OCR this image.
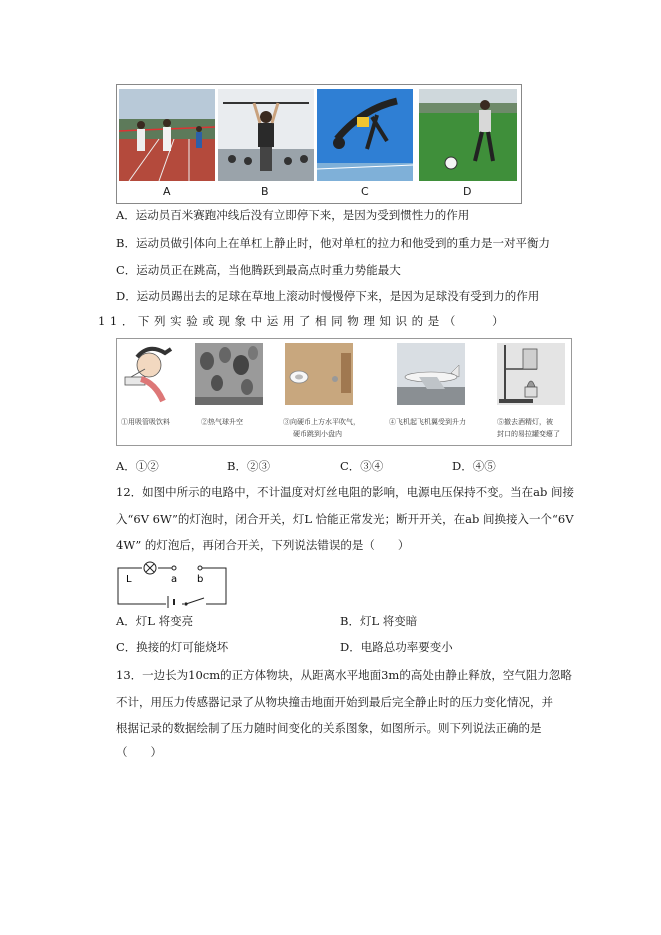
A	B	C	D
A．运动员百米赛跑冲线后没有立即停下来，是因为受到惯性力的作用
B．运动员做引体向上在单杠上静止时，他对单杠的拉力和他受到的重力是一对平衡力
C．运动员正在跳高，当他腾跃到最高点时重力势能最大
D．运动员踢出去的足球在草地上滚动时慢慢停下来，是因为足球没有受到力的作用
11．下列实验或现象中运用了相同物理知识的是（　　）
①用吸管吸饮料	②热气球升空	③向硬币上方水平吹气，
硬币跳到小盘内
④飞机起飞机翼受到升力	⑤撤去酒精灯，被
封口的易拉罐变瘪了
A．①②	B．②③	C．③④	D．④⑤
12．如图中所示的电路中，不计温度对灯丝电阻的影响，电源电压保持不变。当在ab 间接
入“6V 6W”的灯泡时，闭合开关，灯L 恰能正常发光；断开开关，在ab 间换接入一个“6V
4W” 的灯泡后，再闭合开关，下列说法错误的是（　　）
L	a b
A．灯L 将变亮	B．灯L 将变暗
C．换接的灯可能烧坏	D．电路总功率要变小
13．一边长为10cm的正方体物块，从距离水平地面3m的高处由静止释放，空气阻力忽略
不计，用压力传感器记录了从物块撞击地面开始到最后完全静止时的压力变化情况，并
根据记录的数据绘制了压力随时间变化的关系图象，如图所示。则下列说法正确的是
（　　）
